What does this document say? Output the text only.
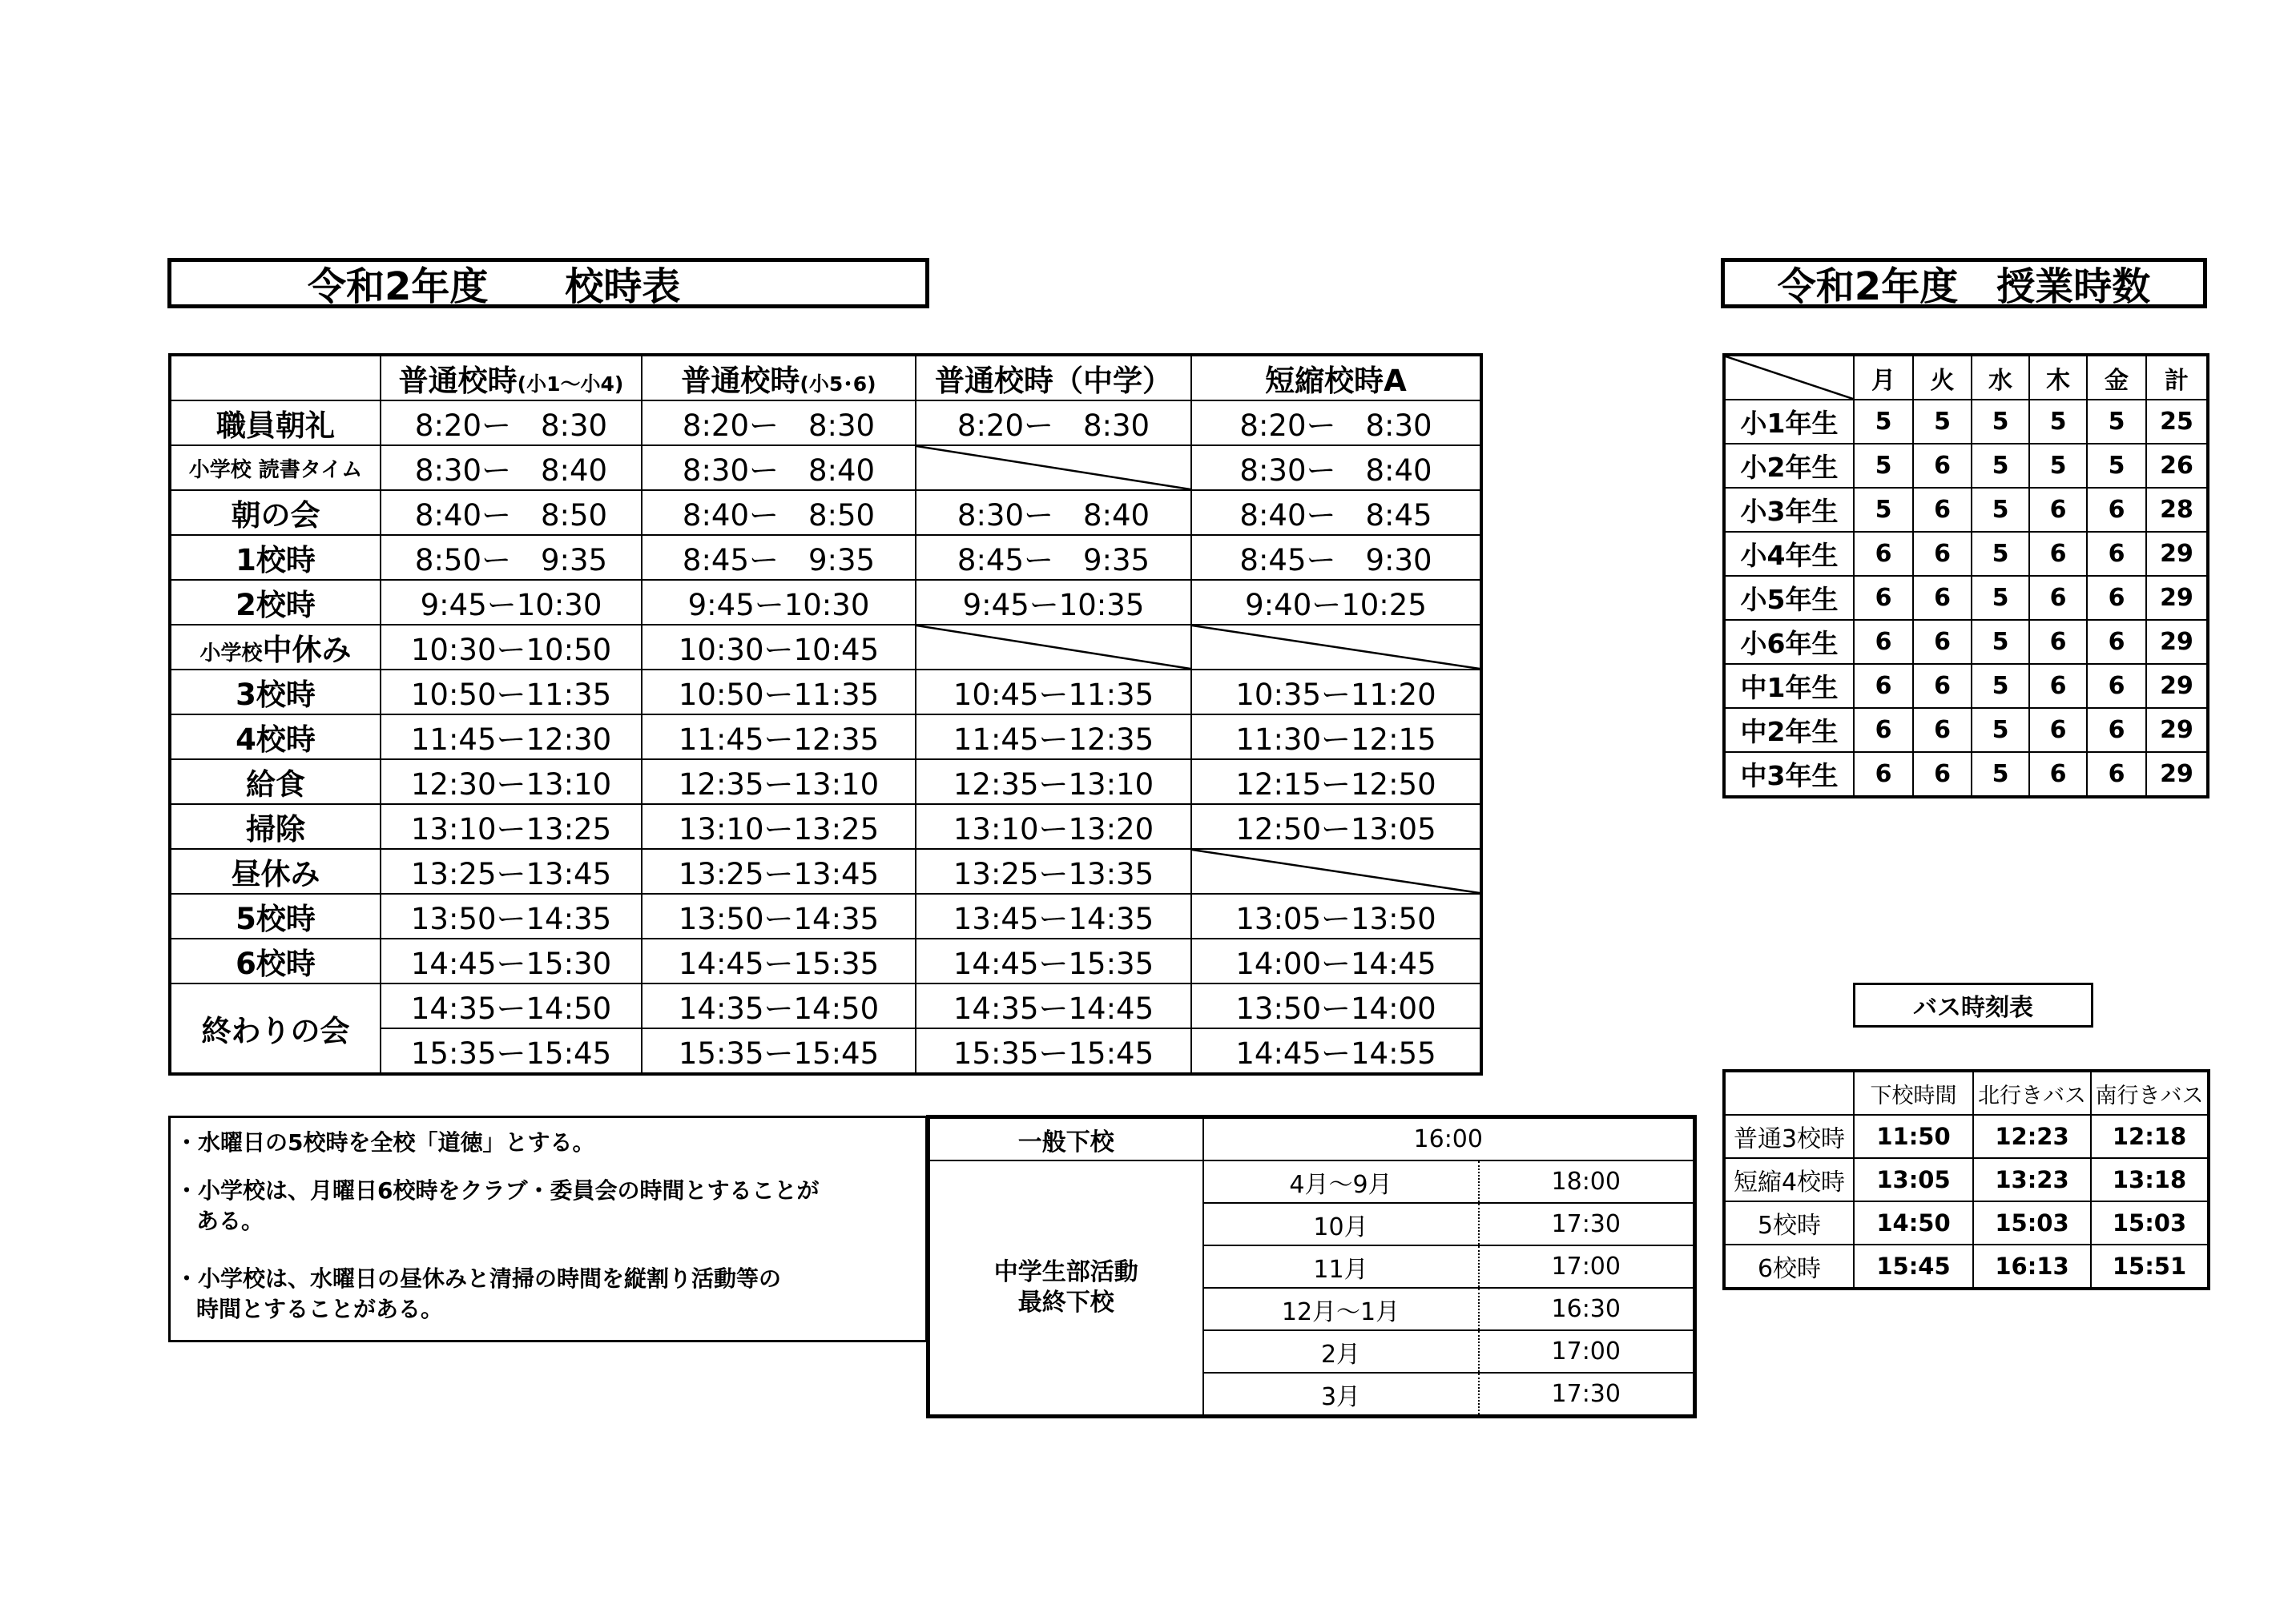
令和2年度　　校時表	令和2年度　授業時数
	普通校時(小1～小4)	普通校時(小5･6)	普通校時（中学）	短縮校時A
職員朝礼	8:20ー　8:30	8:20ー　8:30	8:20ー　8:30	8:20ー　8:30
小学校 読書タイム	8:30ー　8:40	8:30ー　8:40		8:30ー　8:40
朝の会	8:40ー　8:50	8:40ー　8:50	8:30ー　8:40	8:40ー　8:45
1校時	8:50ー　9:35	8:45ー　9:35	8:45ー　9:35	8:45ー　9:30
2校時	9:45ー10:30	9:45ー10:30	9:45ー10:35	9:40ー10:25
小学校中休み	10:30ー10:50	10:30ー10:45		
3校時	10:50ー11:35	10:50ー11:35	10:45ー11:35	10:35ー11:20
4校時	11:45ー12:30	11:45ー12:35	11:45ー12:35	11:30ー12:15
給食	12:30ー13:10	12:35ー13:10	12:35ー13:10	12:15ー12:50
掃除	13:10ー13:25	13:10ー13:25	13:10ー13:20	12:50ー13:05
昼休み	13:25ー13:45	13:25ー13:45	13:25ー13:35	
5校時	13:50ー14:35	13:50ー14:35	13:45ー14:35	13:05ー13:50
6校時	14:45ー15:30	14:45ー15:35	14:45ー15:35	14:00ー14:45
終わりの会	14:35ー14:50	14:35ー14:50	14:35ー14:45	13:50ー14:00
	15:35ー15:45	15:35ー15:45	15:35ー15:45	14:45ー14:55
	月	火	水	木	金	計
小1年生	5	5	5	5	5	25
小2年生	5	6	5	5	5	26
小3年生	5	6	5	6	6	28
小4年生	6	6	5	6	6	29
小5年生	6	6	5	6	6	29
小6年生	6	6	5	6	6	29
中1年生	6	6	5	6	6	29
中2年生	6	6	5	6	6	29
中3年生	6	6	5	6	6	29

・水曜日の5校時を全校「道徳」とする。

・小学校は、月曜日6校時をクラブ・委員会の時間とすることが

ある。

・小学校は、水曜日の昼休みと清掃の時間を縦割り活動等の

時間とすることがある。

一般下校	16:00	

中学生部活動
最終下校	4月～9月	18:00
	10月	17:30
	11月	17:00
	12月～1月	16:30
	2月	17:00
	3月	17:30
バス時刻表
	下校時間	北行きバス	南行きバス
普通3校時	11:50	12:23	12:18
短縮4校時	13:05	13:23	13:18
5校時	14:50	15:03	15:03
6校時	15:45	16:13	15:51
